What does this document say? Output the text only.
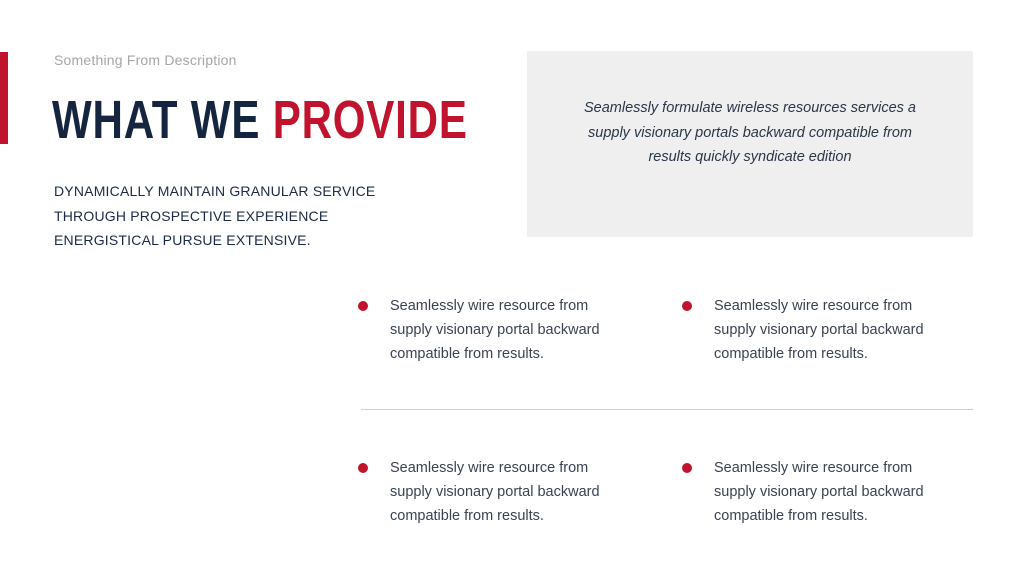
Something From Description
WHAT WE PROVIDE
DYNAMICALLY MAINTAIN GRANULAR SERVICE THROUGH PROSPECTIVE EXPERIENCE ENERGISTICAL PURSUE EXTENSIVE.
Seamlessly formulate wireless resources services a supply visionary portals backward compatible from results quickly syndicate edition
Seamlessly wire resource from supply visionary portal backward compatible from results.
Seamlessly wire resource from supply visionary portal backward compatible from results.
Seamlessly wire resource from supply visionary portal backward compatible from results.
Seamlessly wire resource from supply visionary portal backward compatible from results.
